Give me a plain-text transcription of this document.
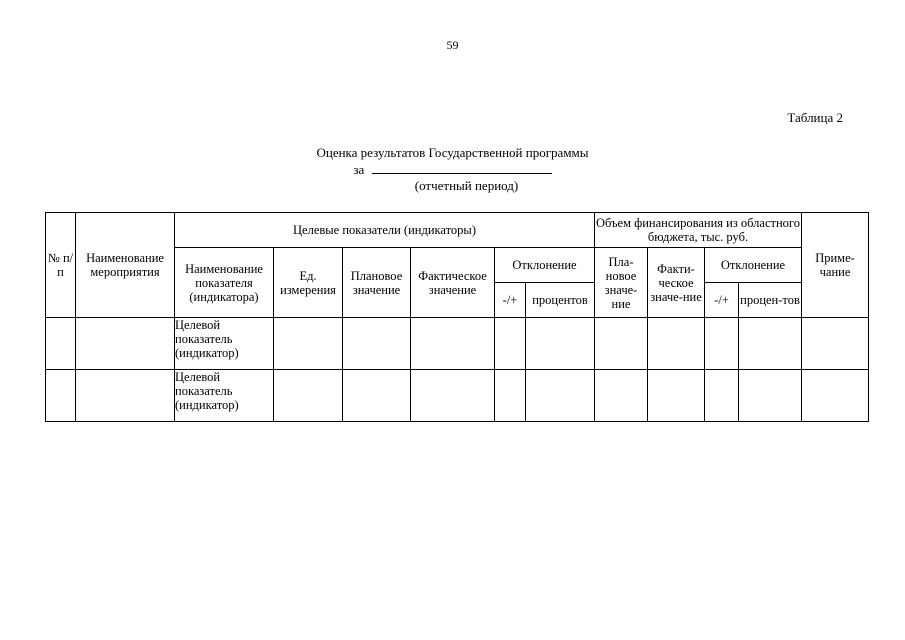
59
Таблица 2
Оценка результатов Государственной программы
за
(отчетный период)
№ п/п	Наименование мероприятия	Целевые показатели (индикаторы)						Объем финансирования из областного бюджета, тыс. руб.				Приме-чание
		Наименование показателя (индикатора)	Ед. измерения	Плановое значение	Фактическое значение	Отклонение		Пла-новое значе-ние	Факти-ческое значе-ние	Отклонение		
						-/+	процентов			-/+	процен-тов	
		Целевой показатель (индикатор)										
		Целевой показатель (индикатор)										
